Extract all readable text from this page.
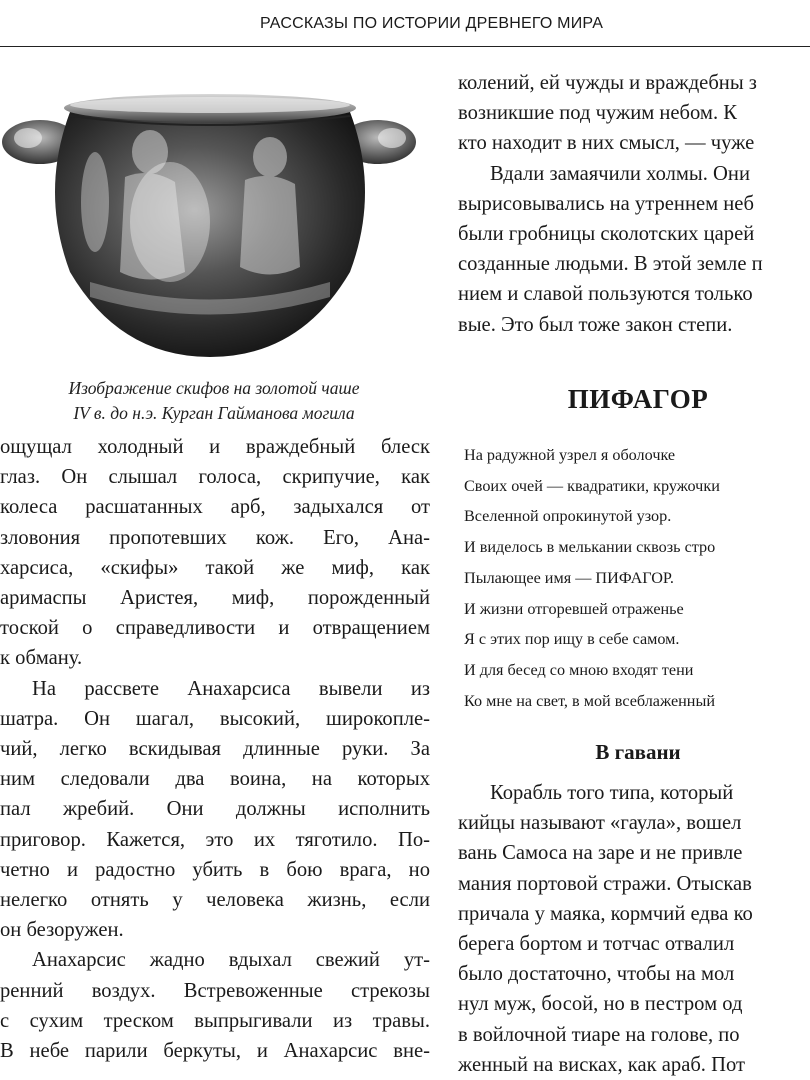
РАССКАЗЫ ПО ИСТОРИИ ДРЕВНЕГО МИРА
Изображение скифов на золотой чаше
IV в. до н.э. Курган Гайманова могила
ощущал холодный и враждебный блеск
глаз. Он слышал голоса, скрипучие, как
колеса расшатанных арб, задыхался от
зловония пропотевших кож. Его, Ана-
харсиса, «скифы» такой же миф, как
аримаспы Аристея, миф, порожденный
тоской о справедливости и отвращением
к обману.
На рассвете Анахарсиса вывели из
шатра. Он шагал, высокий, широкопле-
чий, легко вскидывая длинные руки. За
ним следовали два воина, на которых
пал жребий. Они должны исполнить
приговор. Кажется, это их тяготило. По-
четно и радостно убить в бою врага, но
нелегко отнять у человека жизнь, если
он безоружен.
Анахарсис жадно вдыхал свежий ут-
ренний воздух. Встревоженные стрекозы
с сухим треском выпрыгивали из травы.
В небе парили беркуты, и Анахарсис вне-
колений, ей чужды и враждебны з
возникшие под чужим небом. К
кто находит в них смысл, — чуже
Вдали замаячили холмы. Они
вырисовывались на утреннем неб
были гробницы сколотских царей
созданные людьми. В этой земле п
нием и славой пользуются только
вые. Это был тоже закон степи.
ПИФАГОР
На радужной узрел я оболочке
Своих очей — квадратики, кружочки
Вселенной опрокинутой узор.
И виделось в мелькании сквозь стро
Пылающее имя — ПИФАГОР.
И жизни отгоревшей отраженье
Я с этих пор ищу в себе самом.
И для бесед со мною входят тени
Ко мне на свет, в мой всеблаженный
В гавани
Корабль того типа, который
кийцы называют «гаула», вошел
вань Самоса на заре и не привле
мания портовой стражи. Отыскав
причала у маяка, кормчий едва ко
берега бортом и тотчас отвалил
было достаточно, чтобы на мол
нул муж, босой, но в пестром од
в войлочной тиаре на голове, по
женный на висках, как араб. Пот
